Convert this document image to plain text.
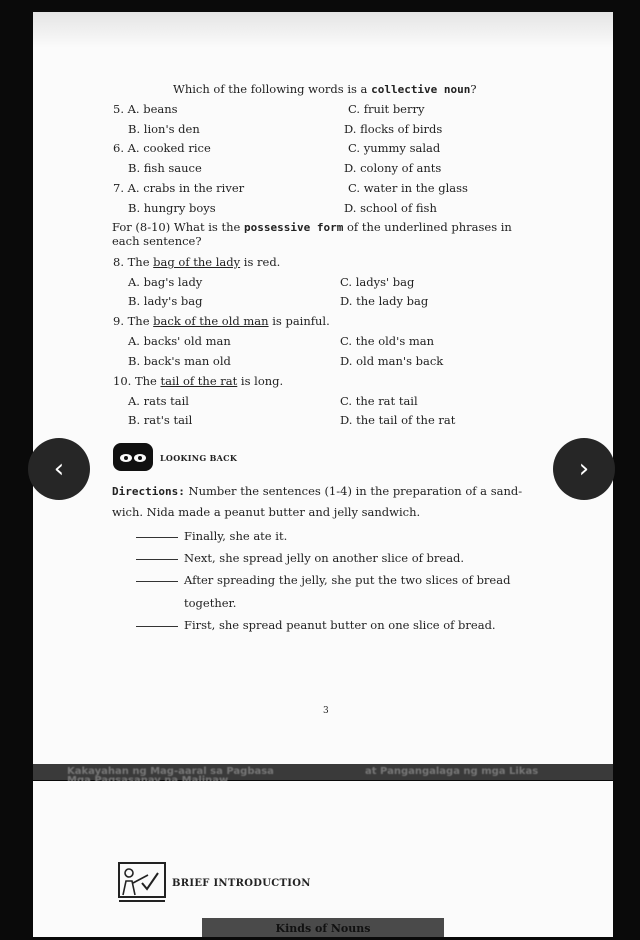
Which of the following words is a collective noun?
5. A. beans	C. fruit berry
B. lion's den	D. flocks of birds
6. A. cooked rice	C. yummy salad
B. fish sauce	D. colony of ants
7. A. crabs in the river	C. water in the glass
B. hungry boys	D. school of fish
For (8-10) What is the possessive form of the underlined phrases in
each sentence?
8. The bag of the lady is red.
A. bag's lady	C. ladys' bag
B. lady's bag	D. the lady bag
9. The back of the old man is painful.
A. backs' old man	C. the old's man
B. back's man old	D. old man's back
10. The tail of the rat is long.
A. rats tail	C. the rat tail
B. rat's tail	D. the tail of the rat
LOOKING BACK
Directions: Number the sentences (1-4) in the preparation of a sand-
wich. Nida made a peanut butter and jelly sandwich.
Finally, she ate it.
Next, she spread jelly on another slice of bread.
After spreading the jelly, she put the two slices of bread
together.
First, she spread peanut butter on one slice of bread.
3
Kakayahan ng Mag-aaral sa Pagbasa	at Pangangalaga ng mga Likas
BRIEF INTRODUCTION
Kinds of Nouns
‹	›
